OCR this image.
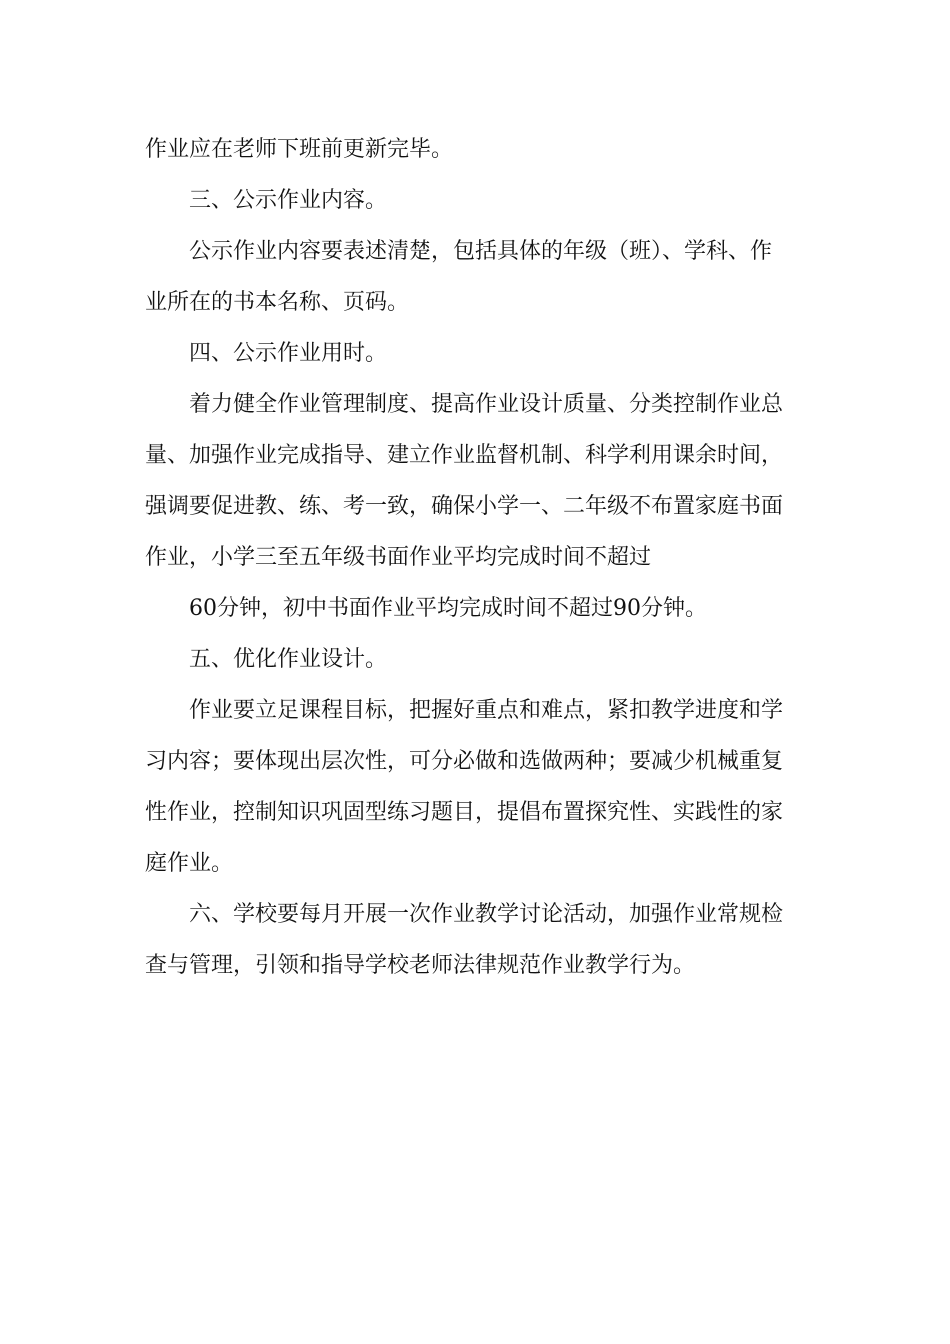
作业应在老师下班前更新完毕。
三、公示作业内容。
公示作业内容要表述清楚，包括具体的年级（班）、学科、作
业所在的书本名称、页码。
四、公示作业用时。
着力健全作业管理制度、提高作业设计质量、分类控制作业总
量、加强作业完成指导、建立作业监督机制、科学利用课余时间，
强调要促进教、练、考一致，确保小学一、二年级不布置家庭书面
作业，小学三至五年级书面作业平均完成时间不超过
60分钟，初中书面作业平均完成时间不超过90分钟。
五、优化作业设计。
作业要立足课程目标，把握好重点和难点，紧扣教学进度和学
习内容；要体现出层次性，可分必做和选做两种；要减少机械重复
性作业，控制知识巩固型练习题目，提倡布置探究性、实践性的家
庭作业。
六、学校要每月开展一次作业教学讨论活动，加强作业常规检
查与管理，引领和指导学校老师法律规范作业教学行为。
